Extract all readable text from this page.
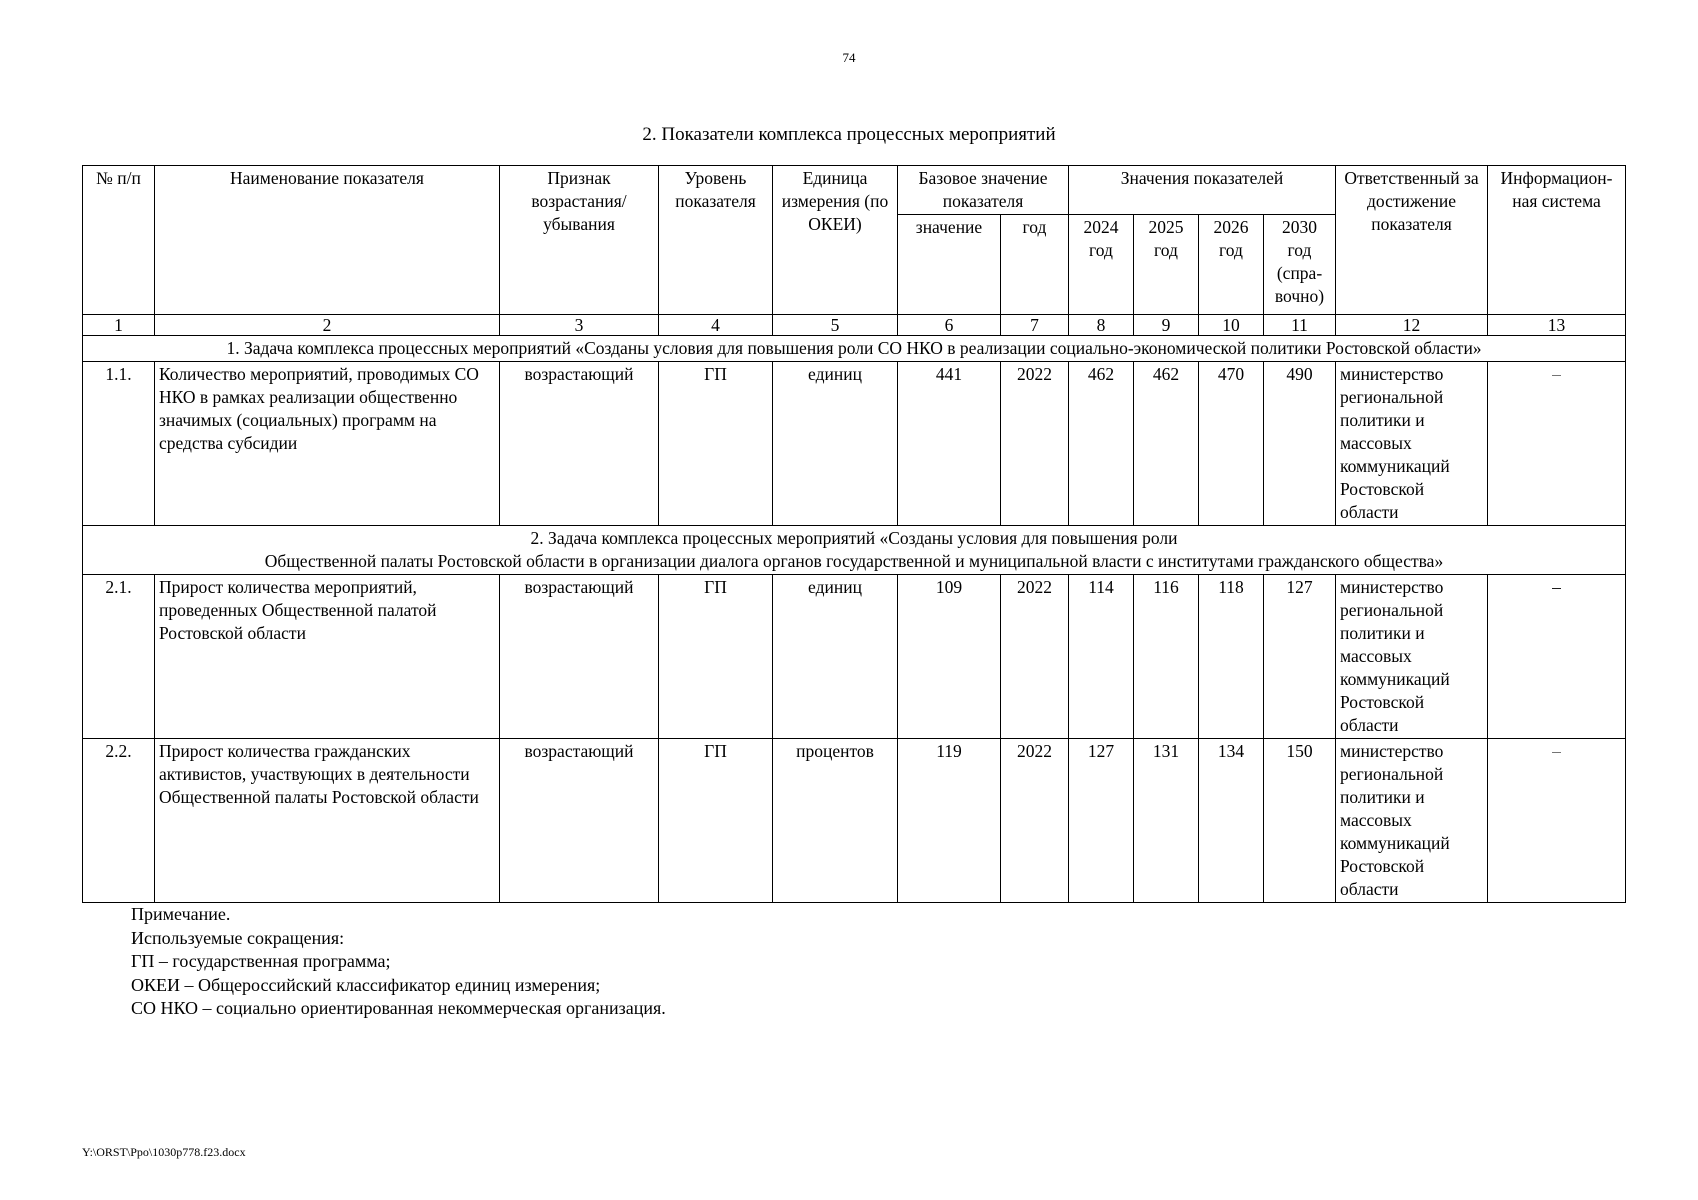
74
2. Показатели комплекса процессных мероприятий
№ п/п	Наименование показателя	Признак возрастания/ убывания	Уровень показателя	Единица измерения (по ОКЕИ)	Базовое значение показателя		Значения показателей				Ответственный за достижение показателя	Информацион-ная система
					значение	год	2024 год	2025 год	2026 год	2030 год (спра-вочно)		
1	2	3	4	5	6	7	8	9	10	11	12	13
1. Задача комплекса процессных мероприятий «Созданы условия для повышения роли СО НКО в реализации социально-экономической политики Ростовской области»												
1.1.	Количество мероприятий, проводимых СО НКО в рамках реализации общественно значимых (социальных) программ на средства субсидии	возрастающий	ГП	единиц	441	2022	462	462	470	490	министерство региональной политики и массовых коммуникаций Ростовской области	–

2. Задача комплекса процессных мероприятий «Созданы условия для повышения роли
Общественной палаты Ростовской области в организации диалога органов государственной и муниципальной власти с институтами гражданского общества»												

2.1.	Прирост количества мероприятий, проведенных Общественной палатой Ростовской области	возрастающий	ГП	единиц	109	2022	114	116	118	127	министерство региональной политики и массовых коммуникаций Ростовской области	–
2.2.	Прирост количества гражданских активистов, участвующих в деятельности Общественной палаты Ростовской области	возрастающий	ГП	процентов	119	2022	127	131	134	150	министерство региональной политики и массовых коммуникаций Ростовской области	–
Примечание.
Используемые сокращения:
ГП – государственная программа;
ОКЕИ – Общероссийский классификатор единиц измерения;
СО НКО – социально ориентированная некоммерческая организация.
Y:\ORST\Ppo\1030p778.f23.docx
